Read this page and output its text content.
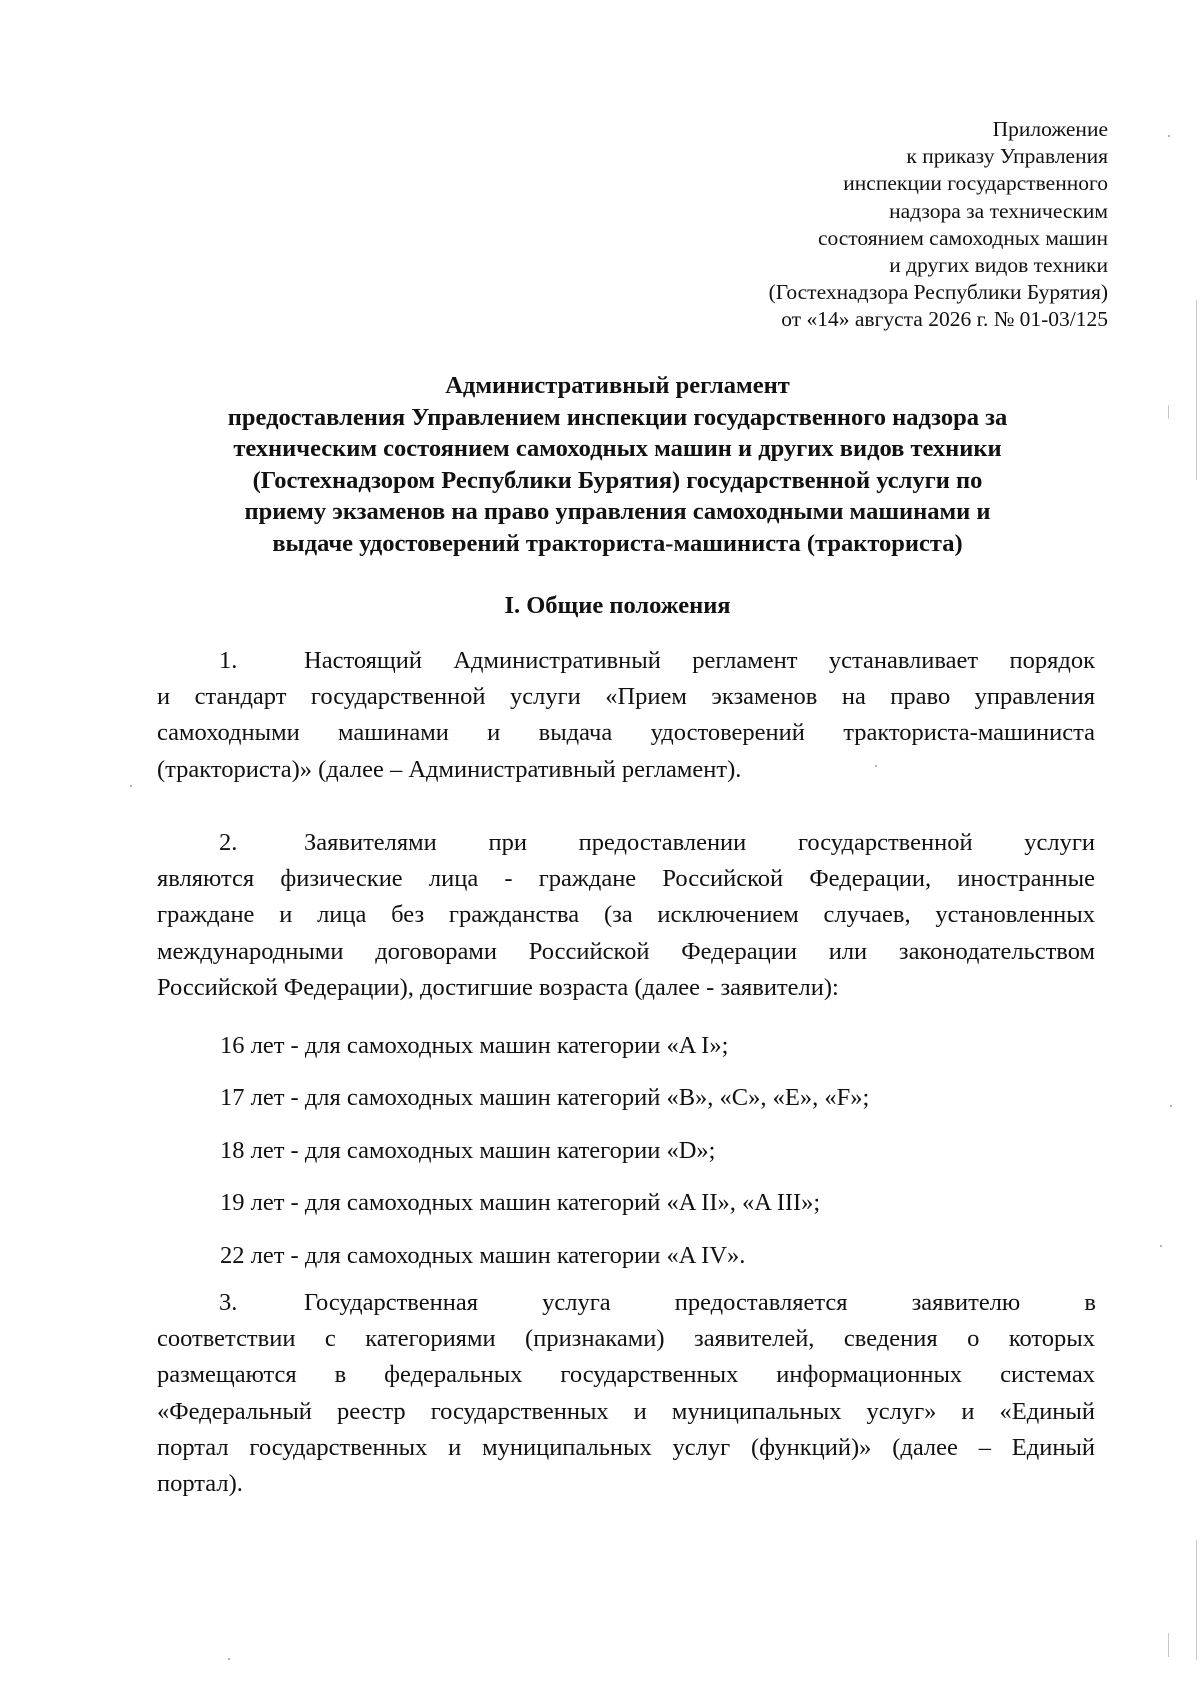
Приложение
к приказу Управления
инспекции государственного
надзора за техническим
состоянием самоходных машин
и других видов техники
(Гостехнадзора Республики Бурятия)
от «14» августа 2026 г. № 01-03/125
Административный регламент
предоставления Управлением инспекции государственного надзора за
техническим состоянием самоходных машин и других видов техники
(Гостехнадзором Республики Бурятия) государственной услуги по
приему экзаменов на право управления самоходными машинами и
выдаче удостоверений тракториста-машиниста (тракториста)
I. Общие положения
1.	Настоящий Административный регламент устанавливает порядок
и стандарт государственной услуги «Прием экзаменов на право управления
самоходными машинами и выдача удостоверений тракториста-машиниста
(тракториста)» (далее – Административный регламент).
2.	Заявителями при предоставлении государственной услуги
являются физические лица - граждане Российской Федерации, иностранные
граждане и лица без гражданства (за исключением случаев, установленных
международными договорами Российской Федерации или законодательством
Российской Федерации), достигшие возраста (далее - заявители):
16 лет - для самоходных машин категории «A I»;
17 лет - для самоходных машин категорий «B», «C», «E», «F»;
18 лет - для самоходных машин категории «D»;
19 лет - для самоходных машин категорий «A II», «A III»;
22 лет - для самоходных машин категории «A IV».
3.	Государственная услуга предоставляется заявителю в
соответствии с категориями (признаками) заявителей, сведения о которых
размещаются в федеральных государственных информационных системах
«Федеральный реестр государственных и муниципальных услуг» и «Единый
портал государственных и муниципальных услуг (функций)» (далее – Единый
портал).
